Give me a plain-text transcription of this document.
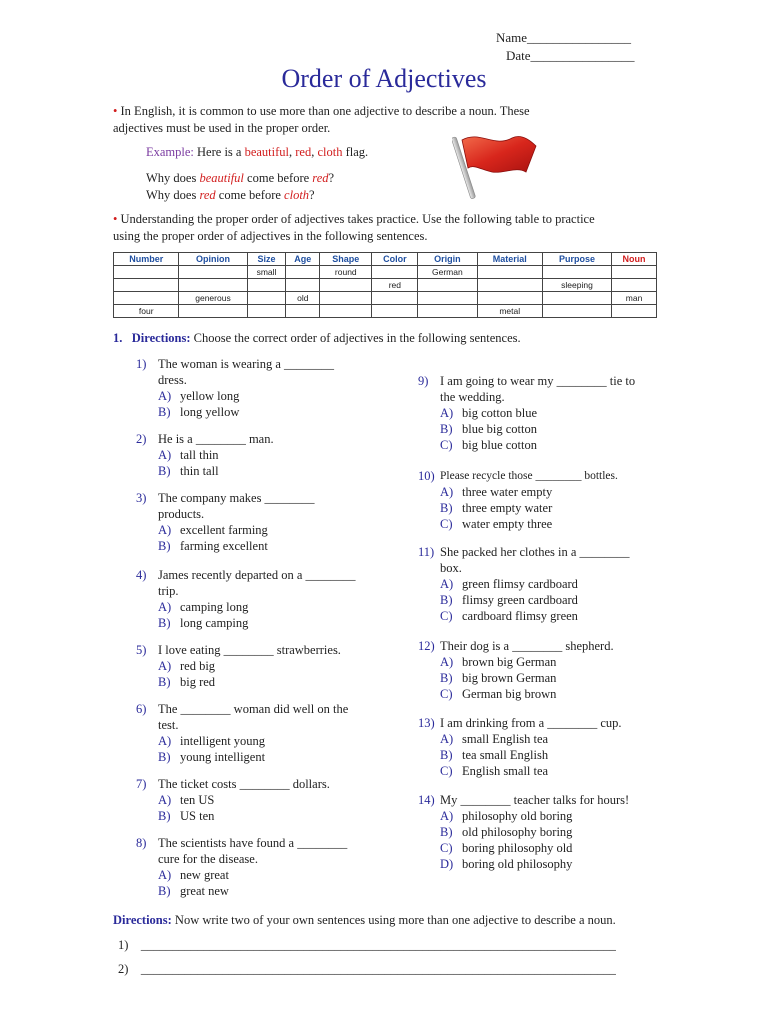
Name________________
Date________________
Order of Adjectives
• In English, it is common to use more than one adjective to describe a noun. These
adjectives must be used in the proper order.
Example: Here is a beautiful, red, cloth flag.
Why does beautiful come before red?
Why does red come before cloth?
• Understanding the proper order of adjectives takes practice. Use the following table to practice
using the proper order of adjectives in the following sentences.
Number	Opinion	Size	Age	Shape	Color	Origin	Material	Purpose	Noun
		small		round		German			
					red			sleeping	
	generous		old						man
four							metal		
1. Directions: Choose the correct order of adjectives in the following sentences.
1) The woman is wearing a ________ dress.
A) yellow long
B) long yellow
2) He is a ________ man.
A) tall thin
B) thin tall
3) The company makes ________ products.
A) excellent farming
B) farming excellent
4) James recently departed on a ________ trip.
A) camping long
B) long camping
5) I love eating ________ strawberries.
A) red big
B) big red
6) The ________ woman did well on the test.
A) intelligent young
B) young intelligent
7) The ticket costs ________ dollars.
A) ten US
B) US ten
8) The scientists have found a ________ cure for the disease.
A) new great
B) great new
9) I am going to wear my ________ tie to the wedding.
A) big cotton blue
B) blue big cotton
C) big blue cotton
10) Please recycle those ________ bottles.
A) three water empty
B) three empty water
C) water empty three
11) She packed her clothes in a ________ box.
A) green flimsy cardboard
B) flimsy green cardboard
C) cardboard flimsy green
12) Their dog is a ________ shepherd.
A) brown big German
B) big brown German
C) German big brown
13) I am drinking from a ________ cup.
A) small English tea
B) tea small English
C) English small tea
14) My ________ teacher talks for hours!
A) philosophy old boring
B) old philosophy boring
C) boring philosophy old
D) boring old philosophy
Directions: Now write two of your own sentences using more than one adjective to describe a noun.
1) ____________________________________________________________________________
2) ____________________________________________________________________________
